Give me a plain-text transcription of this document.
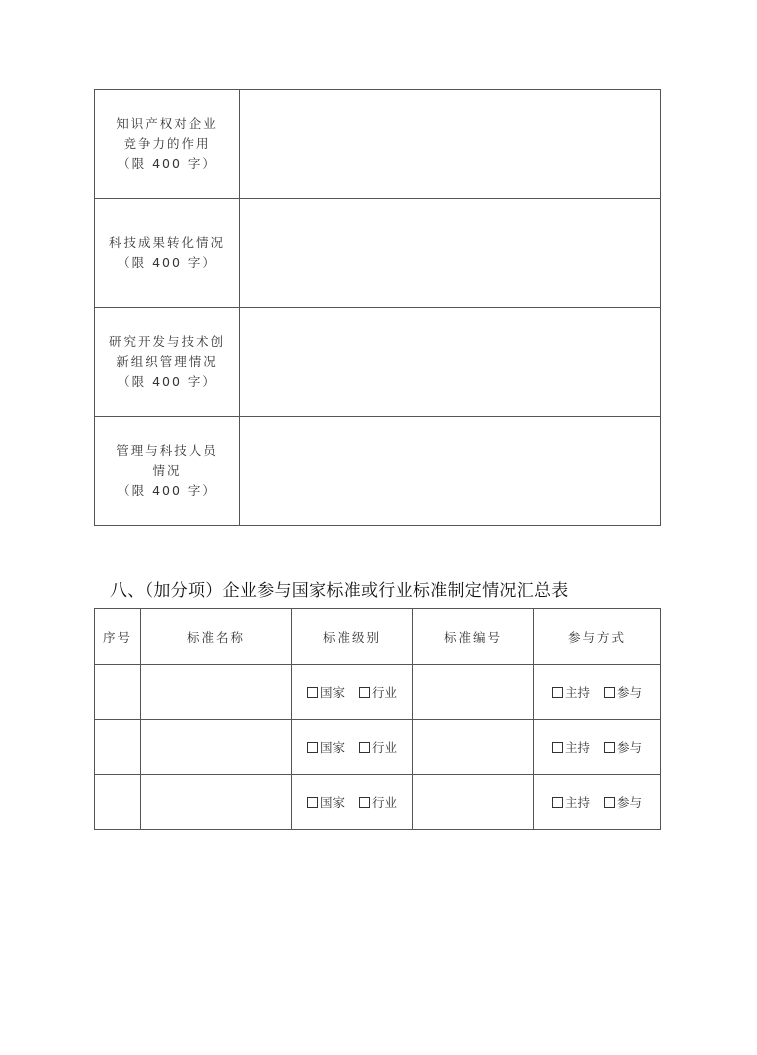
知识产权对企业
竞争力的作用
（限 400 字）	

科技成果转化情况
（限 400 字）	

研究开发与技术创
新组织管理情况
（限 400 字）	

管理与科技人员
情况
（限 400 字）	

八、（加分项）企业参与国家标准或行业标准制定情况汇总表
序号	标准名称	标准级别	标准编号	参与方式
		国家 行业		主持 参与
		国家 行业		主持 参与
		国家 行业		主持 参与
